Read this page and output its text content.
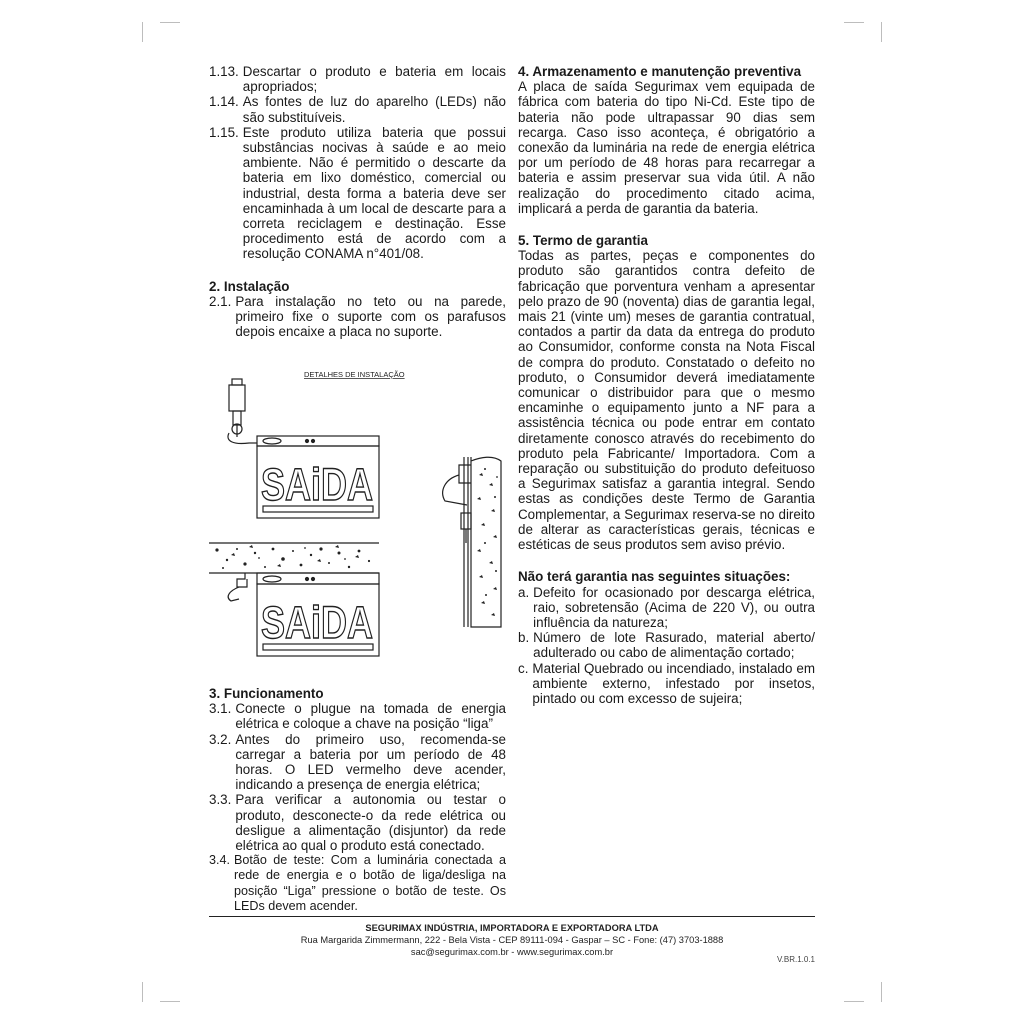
1.13. Descartar o produto e bateria em locais apropriados;
1.14. As fontes de luz do aparelho (LEDs) não são substituíveis.
1.15. Este produto utiliza bateria que possui substâncias nocivas à saúde e ao meio ambiente. Não é permitido o descarte da bateria em lixo doméstico, comercial ou industrial, desta forma a bateria deve ser encaminhada à um local de descarte para a correta reciclagem e destinação. Esse procedimento está de acordo com a resolução CONAMA n°401/08.

2. Instalação

2.1. Para instalação no teto ou na parede, primeiro fixe o suporte com os parafusos depois encaixe a placa no suporte.
DETALHES DE INSTALAÇÃO
SAiDA
SAiDA

3. Funcionamento

3.1. Conecte o plugue na tomada de energia elétrica e coloque a chave na posição “liga”
3.2. Antes do primeiro uso, recomenda-se carregar a bateria por um período de 48 horas. O LED vermelho deve acender, indicando a presença de energia elétrica;
3.3. Para verificar a autonomia ou testar o produto, desconecte-o da rede elétrica ou desligue a alimentação (disjuntor) da rede elétrica ao qual o produto está conectado.
3.4. Botão de teste: Com a luminária conectada a rede de energia e o botão de liga/desliga na posição “Liga” pressione o botão de teste. Os LEDs devem acender.

4. Armazenamento e manutenção preventiva

A placa de saída Segurimax vem equipada de fábrica com bateria do tipo Ni-Cd. Este tipo de bateria não pode ultrapassar 90 dias sem recarga. Caso isso aconteça, é obrigatório a conexão da luminária na rede de energia elétrica por um período de 48 horas para recarregar a bateria e assim preservar sua vida útil. A não realização do procedimento citado acima, implicará a perda de garantia da bateria.

5. Termo de garantia

Todas as partes, peças e componentes do produto são garantidos contra defeito de fabricação que porventura venham a apresentar pelo prazo de 90 (noventa) dias de garantia legal, mais 21 (vinte um) meses de garantia contratual, contados a partir da data da entrega do produto ao Consumidor, conforme consta na Nota Fiscal de compra do produto. Constatado o defeito no produto, o Consumidor deverá imediatamente comunicar o distribuidor para que o mesmo encaminhe o equipamento junto a NF para a assistência técnica ou pode entrar em contato diretamente conosco através do recebimento do produto pela Fabricante/ Importadora. Com a reparação ou substituição do produto defeituoso a Segurimax satisfaz a garantia integral. Sendo estas as condições deste Termo de Garantia Complementar, a Segurimax reserva-se no direito de alterar as características gerais, técnicas e estéticas de seus produtos sem aviso prévio.

Não terá garantia nas seguintes situações:

a. Defeito for ocasionado por descarga elétrica, raio, sobretensão (Acima de 220 V), ou outra influência da natureza;
b. Número de lote Rasurado, material aberto/ adulterado ou cabo de alimentação cortado;
c. Material Quebrado ou incendiado, instalado em ambiente externo, infestado por insetos, pintado ou com excesso de sujeira;
SEGURIMAX INDÚSTRIA, IMPORTADORA E EXPORTADORA LTDA
Rua Margarida Zimmermann, 222 - Bela Vista - CEP 89111-094 - Gaspar – SC - Fone: (47) 3703-1888
sac@segurimax.com.br - www.segurimax.com.br
V.BR.1.0.1
